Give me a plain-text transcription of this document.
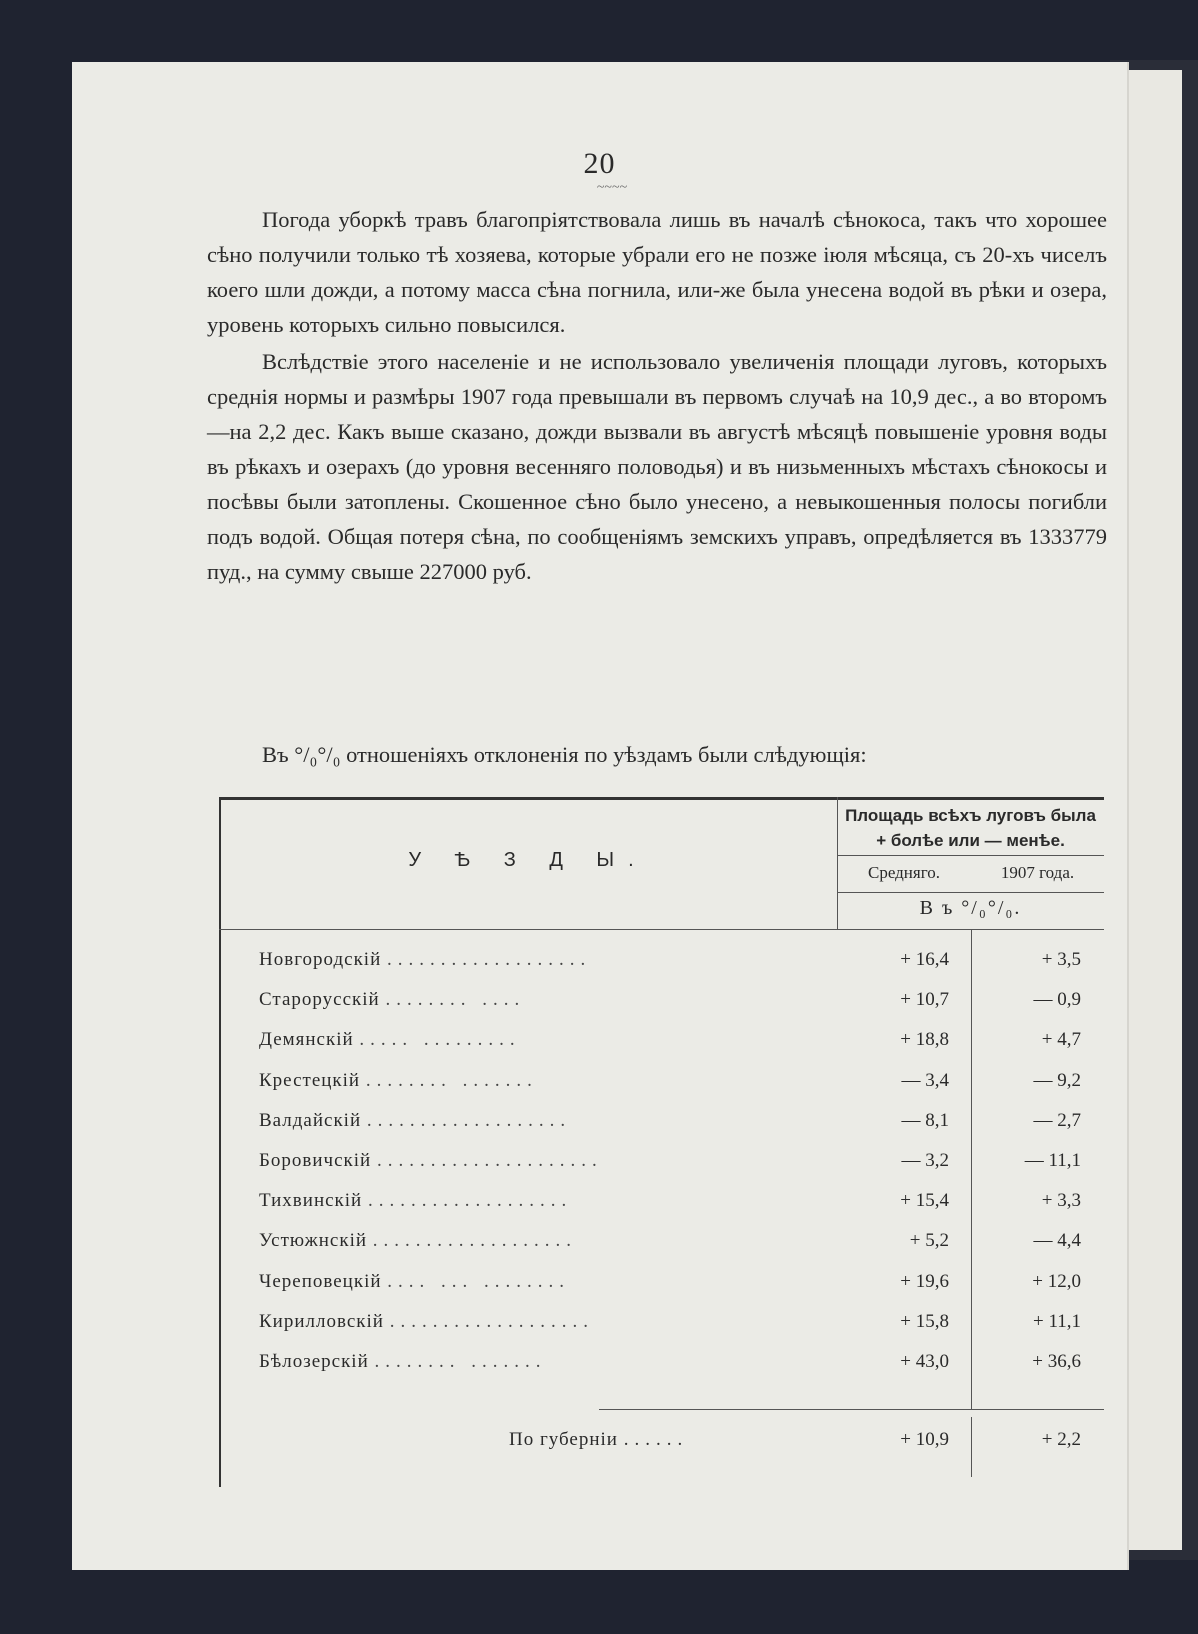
20
~~~~

Погода уборкѣ травъ благопріятствовала лишь въ началѣ сѣнокоса, такъ что хорошее сѣно получили только тѣ хозяева, которые убрали его не позже іюля мѣсяца, съ 20-хъ чиселъ коего шли дожди, а потому масса сѣна погнила, или-же была унесена водой въ рѣки и озера, уровень которыхъ сильно повысился.

Вслѣдствіе этого населеніе и не использовало увеличенія площади луговъ, которыхъ среднія нормы и размѣры 1907 года превышали въ первомъ случаѣ на 10,9 дес., а во второмъ—на 2,2 дес. Какъ выше сказано, дожди вызвали въ августѣ мѣсяцѣ повышеніе уровня воды въ рѣкахъ и озерахъ (до уровня весенняго половодья) и въ низьменныхъ мѣстахъ сѣнокосы и посѣвы были затоплены. Скошенное сѣно было унесено, а невыкошенныя полосы погибли подъ водой. Общая потеря сѣна, по сообщеніямъ земскихъ управъ, опредѣляется въ 1333779 пуд., на сумму свыше 227000 руб.

Въ °/₀°/₀ отношеніяхъ отклоненія по уѣздамъ были слѣдующія:
Площадь всѣхъ луговъ была
+ болѣе или — менѣе.
У Ѣ З Д Ы.
Средняго.	1907 года.
В ъ °/₀°/₀.
Новгородскій ...................	+ 16,4	+ 3,5
Старорусскій ........ ....	+ 10,7	— 0,9
Демянскій ..... .........	+ 18,8	+ 4,7
Крестецкій ........ .......	— 3,4	— 9,2
Валдайскій ...................	— 8,1	— 2,7
Боровичскій .....................	— 3,2	— 11,1
Тихвинскій ...................	+ 15,4	+ 3,3
Устюжнскій ...................	+ 5,2	— 4,4
Череповецкій .... ... ........	+ 19,6	+ 12,0
Кирилловскій ...................	+ 15,8	+ 11,1
Бѣлозерскій ........ .......	+ 43,0	+ 36,6
По губерніи ......	+ 10,9	+ 2,2
